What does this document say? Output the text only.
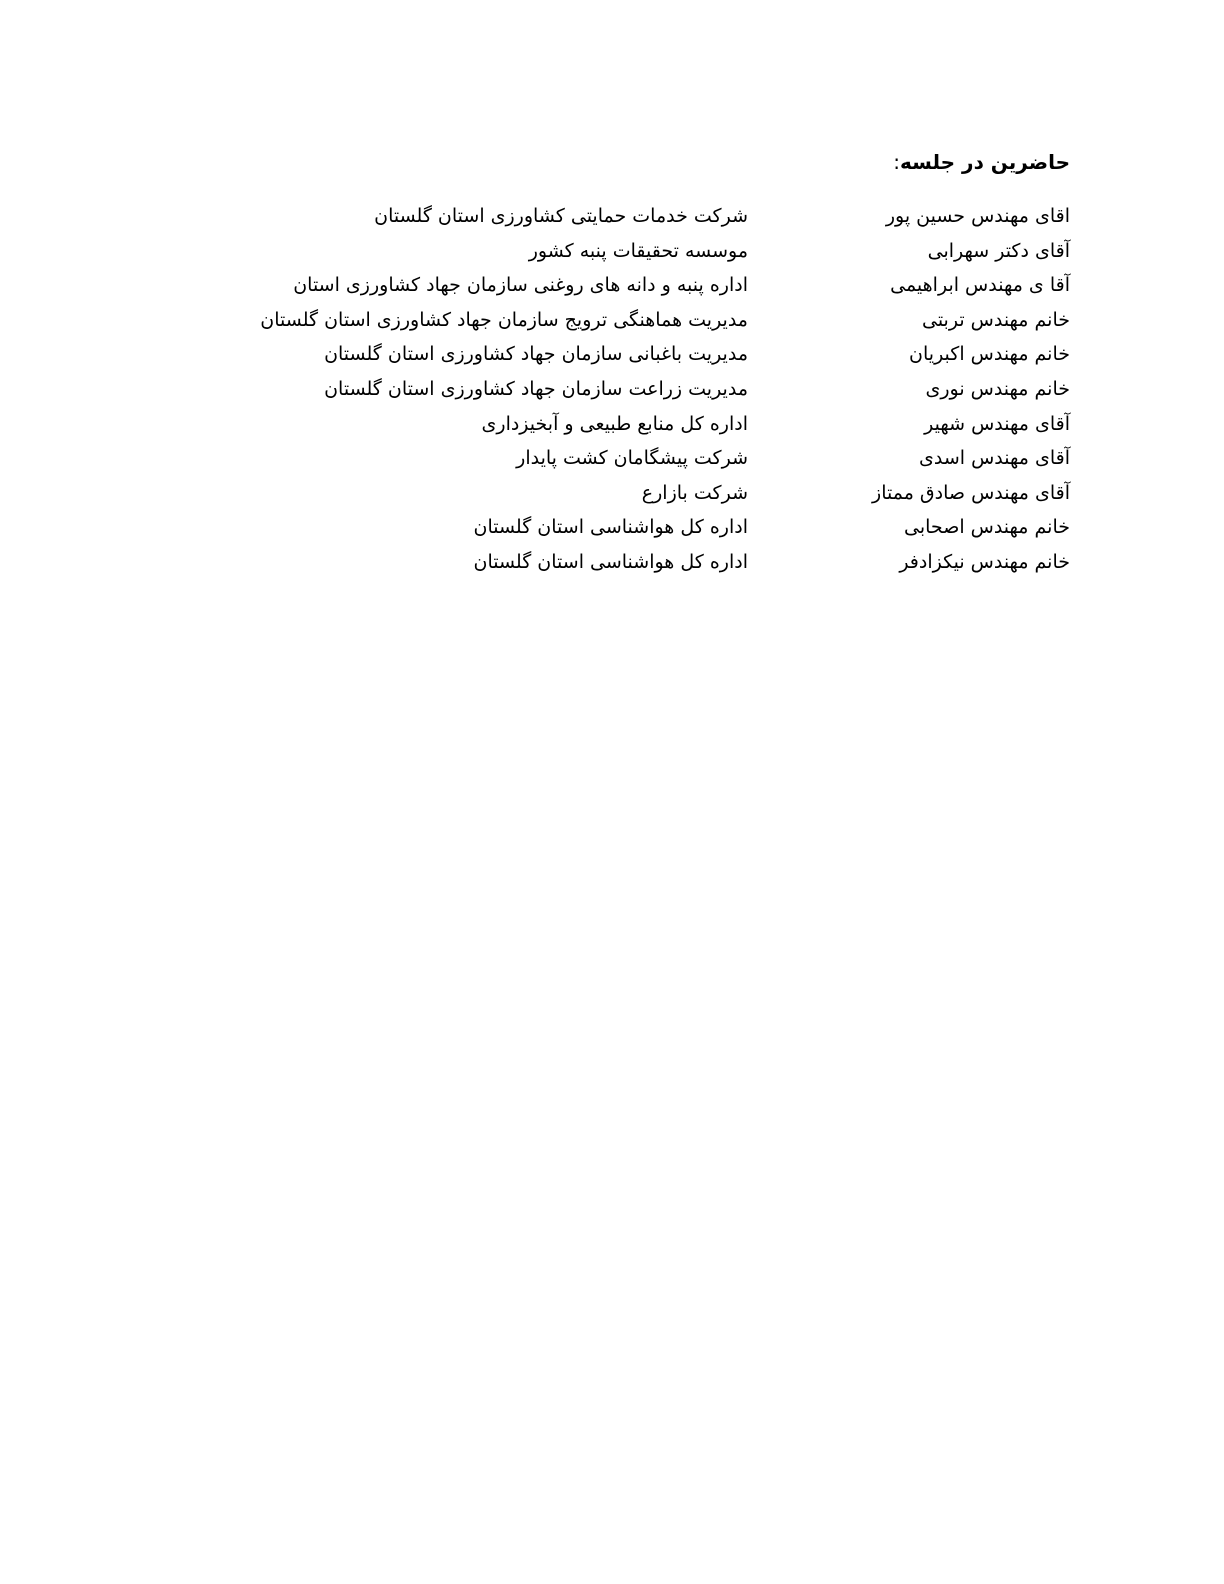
حاضرین در جلسه:
اقای مهندس حسین پور
شرکت خدمات حمایتی کشاورزی استان گلستان
آقای دکتر سهرابی
موسسه تحقیقات پنبه کشور
آقا ی مهندس ابراهیمی
اداره پنبه و دانه های روغنی سازمان جهاد کشاورزی استان
خانم مهندس تربتی
مدیریت هماهنگی ترویج سازمان جهاد کشاورزی استان گلستان
خانم مهندس اکبریان
مدیریت باغبانی سازمان جهاد کشاورزی استان گلستان
خانم مهندس نوری
مدیریت زراعت سازمان جهاد کشاورزی استان گلستان
آقای مهندس شهیر
اداره کل منابع طبیعی و آبخیزداری
آقای مهندس اسدی
شرکت پیشگامان کشت پایدار
آقای مهندس صادق ممتاز
شرکت بازارع
خانم مهندس اصحابی
اداره کل هواشناسی استان گلستان
خانم مهندس نیکزادفر
اداره کل هواشناسی استان گلستان
